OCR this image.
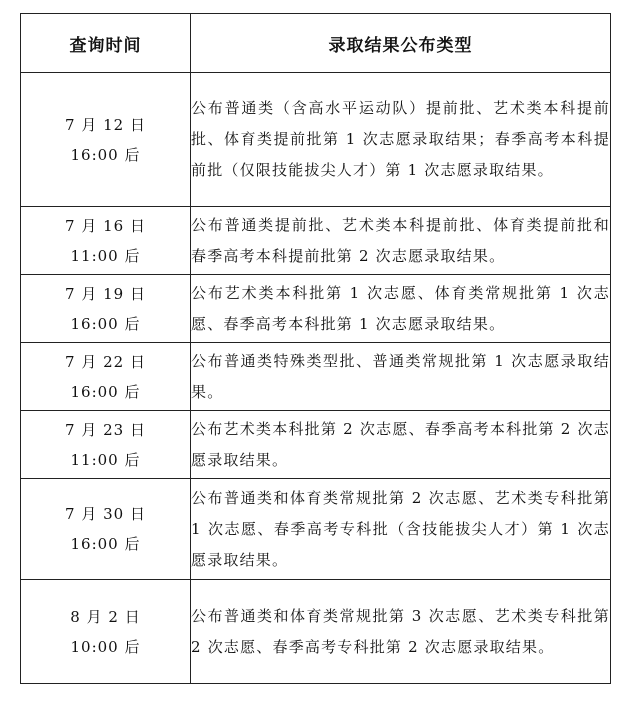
查询时间	录取结果公布类型

7 月 12 日
16:00 后	公布普通类（含高水平运动队）提前批、艺术类本科提前批、体育类提前批第 1 次志愿录取结果；春季高考本科提前批（仅限技能拔尖人才）第 1 次志愿录取结果。

7 月 16 日
11:00 后	公布普通类提前批、艺术类本科提前批、体育类提前批和春季高考本科提前批第 2 次志愿录取结果。

7 月 19 日
16:00 后	公布艺术类本科批第 1 次志愿、体育类常规批第 1 次志愿、春季高考本科批第 1 次志愿录取结果。

7 月 22 日
16:00 后	公布普通类特殊类型批、普通类常规批第 1 次志愿录取结果。

7 月 23 日
11:00 后	公布艺术类本科批第 2 次志愿、春季高考本科批第 2 次志愿录取结果。

7 月 30 日
16:00 后	公布普通类和体育类常规批第 2 次志愿、艺术类专科批第 1 次志愿、春季高考专科批（含技能拔尖人才）第 1 次志愿录取结果。

8 月 2 日
10:00 后	公布普通类和体育类常规批第 3 次志愿、艺术类专科批第 2 次志愿、春季高考专科批第 2 次志愿录取结果。
